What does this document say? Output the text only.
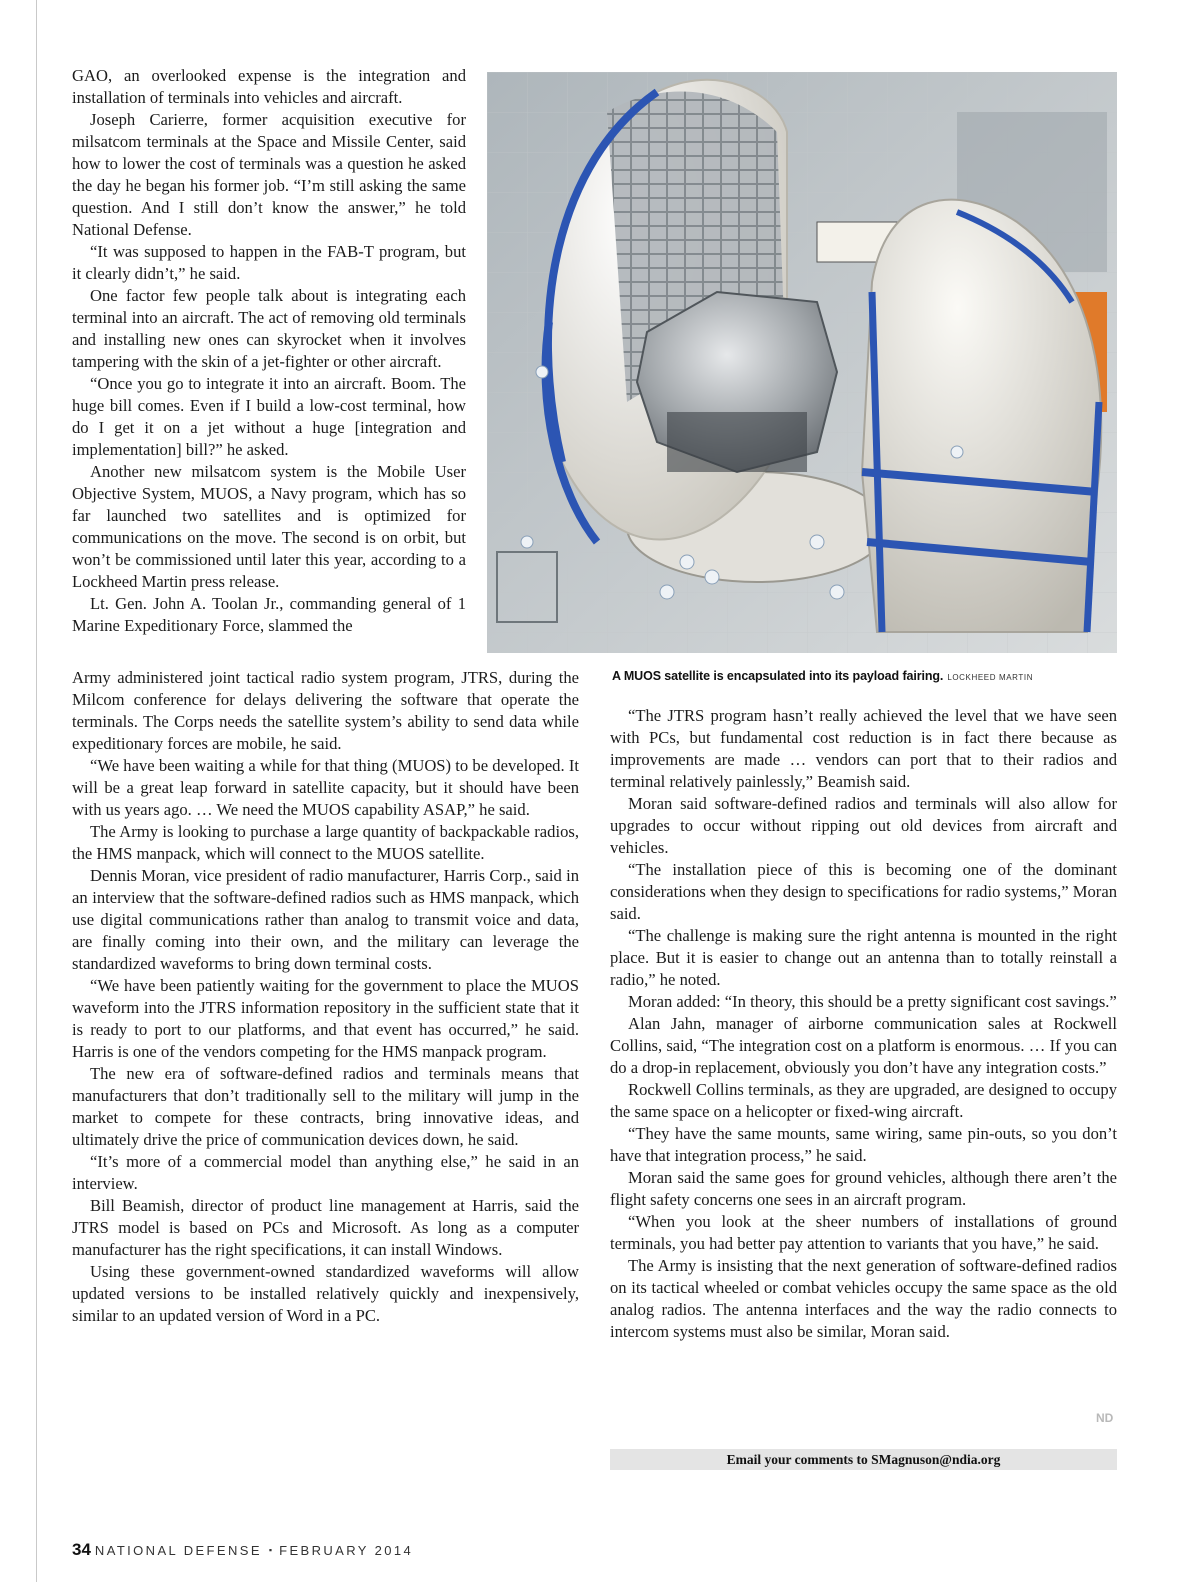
GAO, an overlooked expense is the integration and installation of terminals into vehicles and aircraft.

Joseph Carierre, former acquisition executive for milsatcom terminals at the Space and Missile Center, said how to lower the cost of terminals was a question he asked the day he began his former job. “I’m still asking the same question. And I still don’t know the answer,” he told National Defense.

“It was supposed to happen in the FAB-T program, but it clearly didn’t,” he said.

One factor few people talk about is integrating each terminal into an aircraft. The act of removing old terminals and installing new ones can skyrocket when it involves tampering with the skin of a jet-fighter or other aircraft.

“Once you go to integrate it into an aircraft. Boom. The huge bill comes. Even if I build a low-cost terminal, how do I get it on a jet without a huge [integration and implementation] bill?” he asked.

Another new milsatcom system is the Mobile User Objective System, MUOS, a Navy program, which has so far launched two satellites and is optimized for communications on the move. The second is on orbit, but won’t be commissioned until later this year, according to a Lockheed Martin press release.

Lt. Gen. John A. Toolan Jr., commanding general of 1 Marine Expeditionary Force, slammed the

A MUOS satellite is encapsulated into its payload fairing. LOCKHEED MARTIN

Army administered joint tactical radio system program, JTRS, during the Milcom conference for delays delivering the software that operate the terminals. The Corps needs the satellite system’s ability to send data while expeditionary forces are mobile, he said.

“We have been waiting a while for that thing (MUOS) to be developed. It will be a great leap forward in satellite capacity, but it should have been with us years ago. … We need the MUOS capability ASAP,” he said.

The Army is looking to purchase a large quantity of backpackable radios, the HMS manpack, which will connect to the MUOS satellite.

Dennis Moran, vice president of radio manufacturer, Harris Corp., said in an interview that the software-defined radios such as HMS manpack, which use digital communications rather than analog to transmit voice and data, are finally coming into their own, and the military can leverage the standardized waveforms to bring down terminal costs.

“We have been patiently waiting for the government to place the MUOS waveform into the JTRS information repository in the sufficient state that it is ready to port to our platforms, and that event has occurred,” he said. Harris is one of the vendors competing for the HMS manpack program.

The new era of software-defined radios and terminals means that manufacturers that don’t traditionally sell to the military will jump in the market to compete for these contracts, bring innovative ideas, and ultimately drive the price of communication devices down, he said.

“It’s more of a commercial model than anything else,” he said in an interview.

Bill Beamish, director of product line management at Harris, said the JTRS model is based on PCs and Microsoft. As long as a computer manufacturer has the right specifications, it can install Windows.

Using these government-owned standardized waveforms will allow updated versions to be installed relatively quickly and inexpensively, similar to an updated version of Word in a PC.

“The JTRS program hasn’t really achieved the level that we have seen with PCs, but fundamental cost reduction is in fact there because as improvements are made … vendors can port that to their radios and terminal relatively painlessly,” Beamish said.

Moran said software-defined radios and terminals will also allow for upgrades to occur without ripping out old devices from aircraft and vehicles.

“The installation piece of this is becoming one of the dominant considerations when they design to specifications for radio systems,” Moran said.

“The challenge is making sure the right antenna is mounted in the right place. But it is easier to change out an antenna than to totally reinstall a radio,” he noted.

Moran added: “In theory, this should be a pretty significant cost savings.”

Alan Jahn, manager of airborne communication sales at Rockwell Collins, said, “The integration cost on a platform is enormous. … If you can do a drop-in replacement, obviously you don’t have any integration costs.”

Rockwell Collins terminals, as they are upgraded, are designed to occupy the same space on a helicopter or fixed-wing aircraft.

“They have the same mounts, same wiring, same pin-outs, so you don’t have that integration process,” he said.

Moran said the same goes for ground vehicles, although there aren’t the flight safety concerns one sees in an aircraft program.

“When you look at the sheer numbers of installations of ground terminals, you had better pay attention to variants that you have,” he said.

The Army is insisting that the next generation of software-defined radios on its tactical wheeled or combat vehicles occupy the same space as the old analog radios. The antenna interfaces and the way the radio connects to intercom systems must also be similar, Moran said.

ND
Email your comments to SMagnuson@ndia.org
34 NATIONAL DEFENSE ▪ FEBRUARY 2014
